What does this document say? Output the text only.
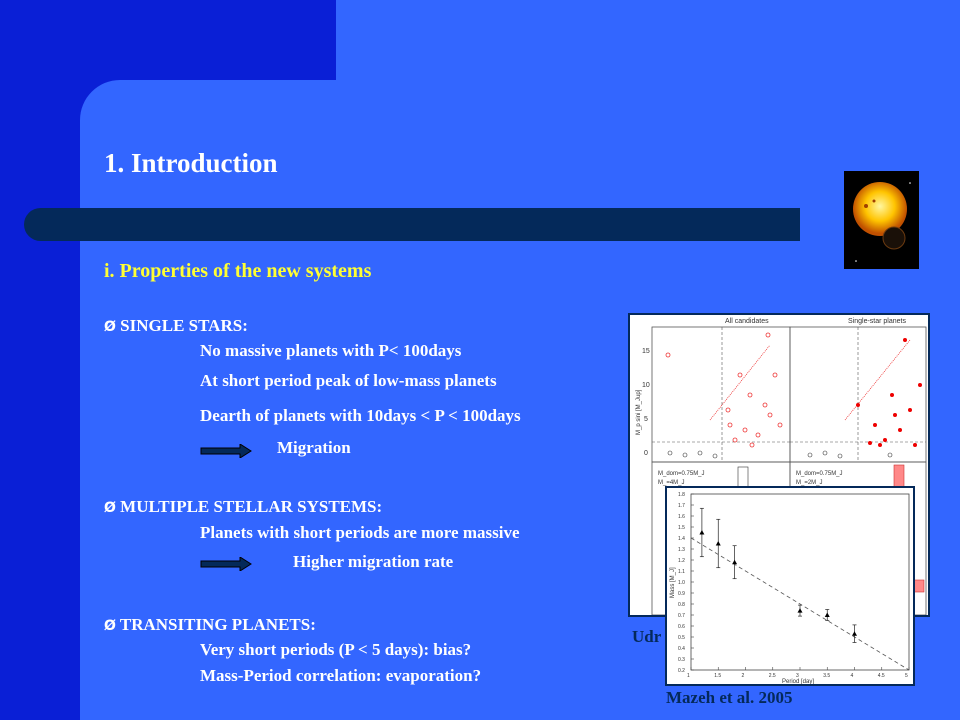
1. Introduction
i. Properties of the new systems
Ø SINGLE STARS:
No massive planets with P< 100days
At short period peak of low-mass planets
Dearth of planets with 10days < P < 100days
Migration
Ø MULTIPLE STELLAR SYSTEMS:
Planets with short periods are more massive
Higher migration rate
Ø TRANSITING PLANETS:
Very short periods (P < 5 days): bias?
Mass-Period correlation: evaporation?
All candidates	Single-star planets
M_p sini [M_Jup]
15
10
5
0
M_dom=0.75M_J
M_=4M_J
M_dom=0.75M_J
M_=2M_J
Udr
1	1.5	2	2.5	3	3.5	4	4.5	5
0.2
0.3
0.4
0.5
0.6
0.7
0.8
0.9
1.0
1.1
1.2
1.3
1.4
1.5
1.6
1.7
1.8
Period [day]
Mass [M_J]
Mazeh et al. 2005
